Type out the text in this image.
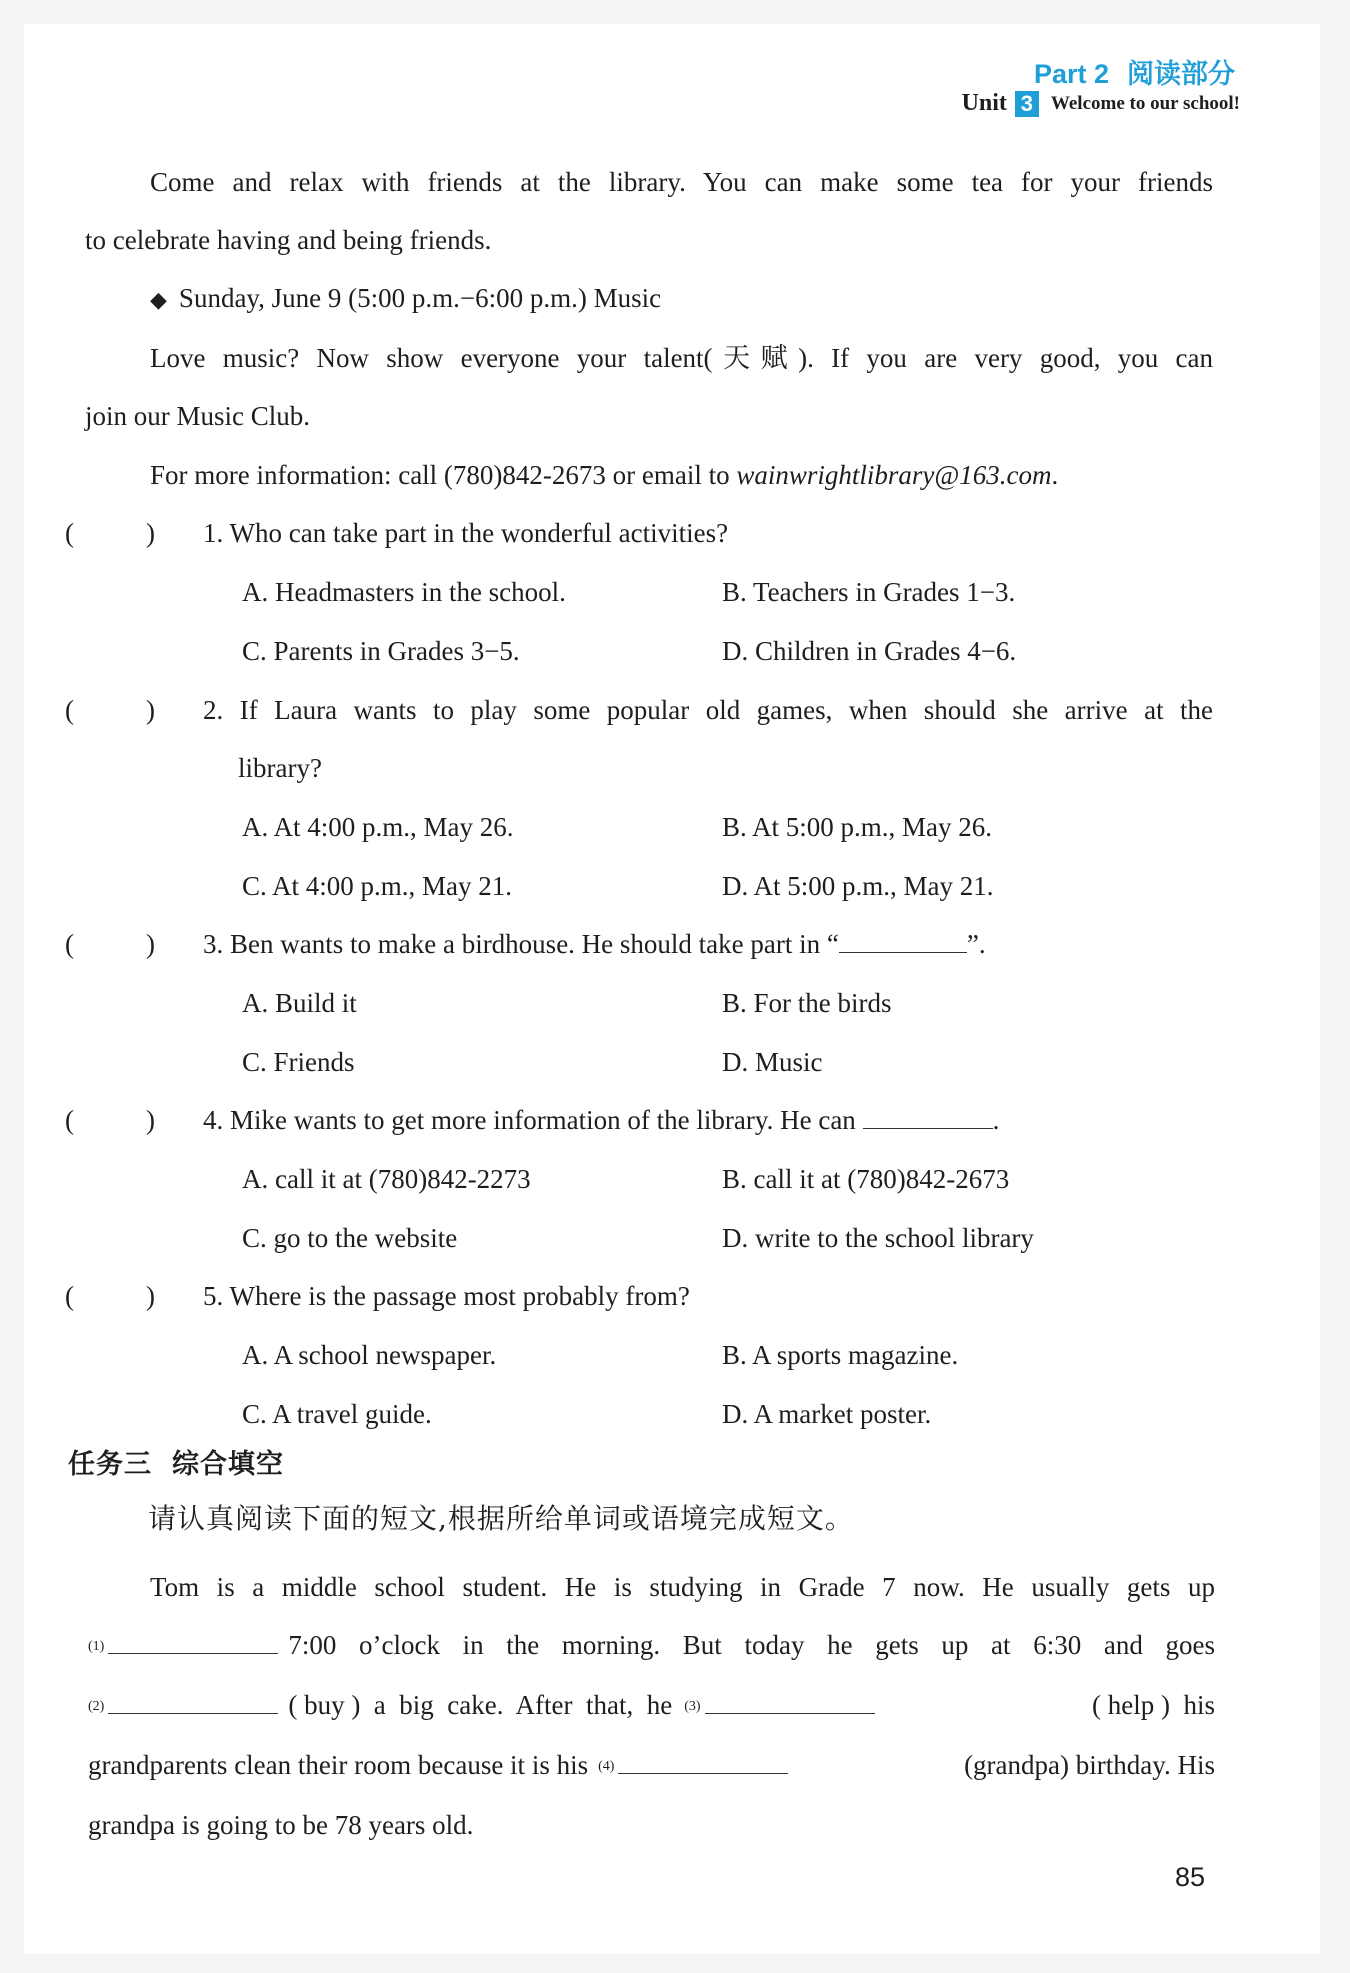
Part 2 阅读部分
Unit 3 Welcome to our school!
Come and relax with friends at the library. You can make some tea for your friends
to celebrate having and being friends.
◆ Sunday, June 9 (5:00 p.m.−6:00 p.m.) Music
Love music? Now show everyone your talent(天赋). If you are very good, you can
join our Music Club.
For more information: call (780)842-2673 or email to wainwrightlibrary@163.com.
(	) 1. Who can take part in the wonderful activities?
A. Headmasters in the school.	B. Teachers in Grades 1−3.
C. Parents in Grades 3−5.	D. Children in Grades 4−6.
(	) 2. If Laura wants to play some popular old games, when should she arrive at the
library?
A. At 4:00 p.m., May 26.	B. At 5:00 p.m., May 26.
C. At 4:00 p.m., May 21.	D. At 5:00 p.m., May 21.
(	) 3. Ben wants to make a birdhouse. He should take part in “	”.
A. Build it	B. For the birds
C. Friends	D. Music
(	) 4. Mike wants to get more information of the library. He can	.
A. call it at (780)842-2273	B. call it at (780)842-2673
C. go to the website	D. write to the school library
(	) 5. Where is the passage most probably from?
A. A school newspaper.	B. A sports magazine.
C. A travel guide.	D. A market poster.
任务三 综合填空
请认真阅读下面的短文,根据所给单词或语境完成短文。
Tom is a middle school student. He is studying in Grade 7 now. He usually gets up
(1)	7:00 o’clock in the morning. But today he gets up at 6:30 and goes
(2)	( buy )  a  big  cake.  After  that,  he (3)	( help )  his
grandparents clean their room because it is his (4)	(grandpa) birthday. His
grandpa is going to be 78 years old.
85
